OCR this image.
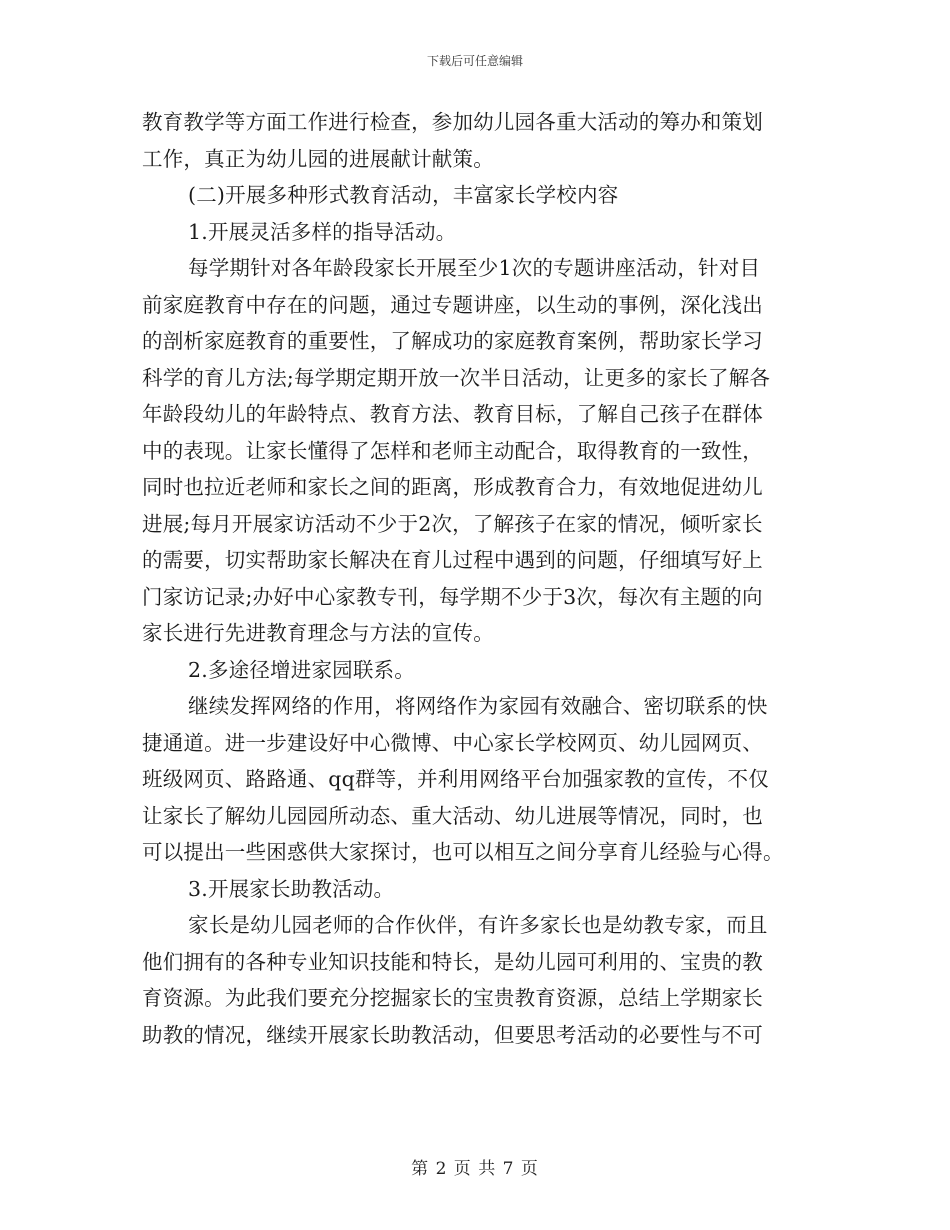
下载后可任意编辑
教育教学等方面工作进行检查，参加幼儿园各重大活动的筹办和策划
工作，真正为幼儿园的进展献计献策。
(二)开展多种形式教育活动，丰富家长学校内容
1.开展灵活多样的指导活动。
每学期针对各年龄段家长开展至少1次的专题讲座活动，针对目
前家庭教育中存在的问题，通过专题讲座，以生动的事例，深化浅出
的剖析家庭教育的重要性，了解成功的家庭教育案例，帮助家长学习
科学的育儿方法;每学期定期开放一次半日活动，让更多的家长了解各
年龄段幼儿的年龄特点、教育方法、教育目标，了解自己孩子在群体
中的表现。让家长懂得了怎样和老师主动配合，取得教育的一致性，
同时也拉近老师和家长之间的距离，形成教育合力，有效地促进幼儿
进展;每月开展家访活动不少于2次，了解孩子在家的情况，倾听家长
的需要，切实帮助家长解决在育儿过程中遇到的问题，仔细填写好上
门家访记录;办好中心家教专刊，每学期不少于3次，每次有主题的向
家长进行先进教育理念与方法的宣传。
2.多途径增进家园联系。
继续发挥网络的作用，将网络作为家园有效融合、密切联系的快
捷通道。进一步建设好中心微博、中心家长学校网页、幼儿园网页、
班级网页、路路通、qq群等，并利用网络平台加强家教的宣传，不仅
让家长了解幼儿园园所动态、重大活动、幼儿进展等情况，同时，也
可以提出一些困惑供大家探讨，也可以相互之间分享育儿经验与心得。
3.开展家长助教活动。
家长是幼儿园老师的合作伙伴，有许多家长也是幼教专家，而且
他们拥有的各种专业知识技能和特长，是幼儿园可利用的、宝贵的教
育资源。为此我们要充分挖掘家长的宝贵教育资源，总结上学期家长
助教的情况，继续开展家长助教活动，但要思考活动的必要性与不可
第 2 页 共 7 页
